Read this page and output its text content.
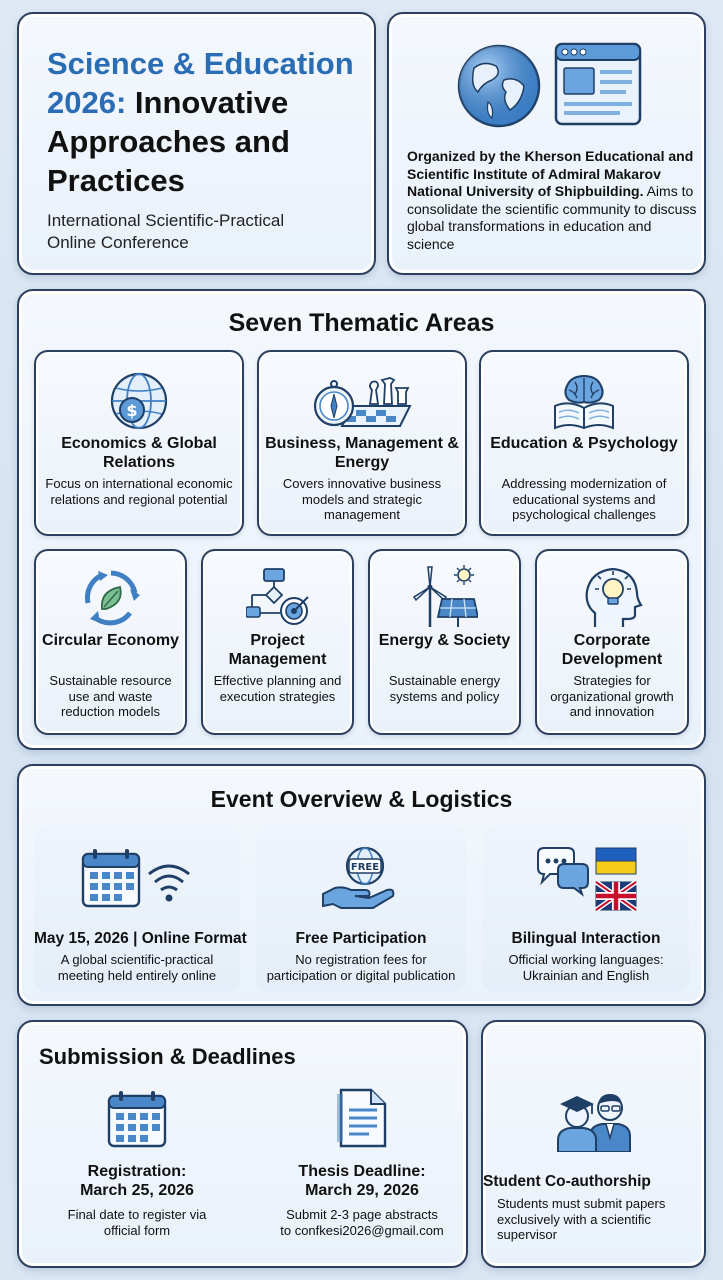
Science & Education
2026: Innovative
Approaches and
Practices
International Scientific-Practical
Online Conference
Organized by the Kherson Educational and Scientific Institute of Admiral Makarov National University of Shipbuilding. Aims to consolidate the scientific community to discuss global transformations in education and science
Seven Thematic Areas
$
Economics & Global Relations
Focus on international economic relations and regional potential
Business, Management & Energy
Covers innovative business models and strategic management
Education & Psychology
Addressing modernization of educational systems and psychological challenges
Circular Economy
Sustainable resource use and waste reduction models
Project Management
Effective planning and execution strategies
Energy & Society
Sustainable energy systems and policy
Corporate Development
Strategies for organizational growth and innovation
Event Overview & Logistics
May 15, 2026 | Online Format
A global scientific-practical meeting held entirely online
FREE
Free Participation
No registration fees for participation or digital publication
Bilingual Interaction
Official working languages: Ukrainian and English
Submission & Deadlines
Registration:
March 25, 2026
Final date to register via official form
Thesis Deadline:
March 29, 2026
Submit 2-3 page abstracts to confkesi2026@gmail.com
Student Co-authorship
Students must submit papers exclusively with a scientific supervisor
